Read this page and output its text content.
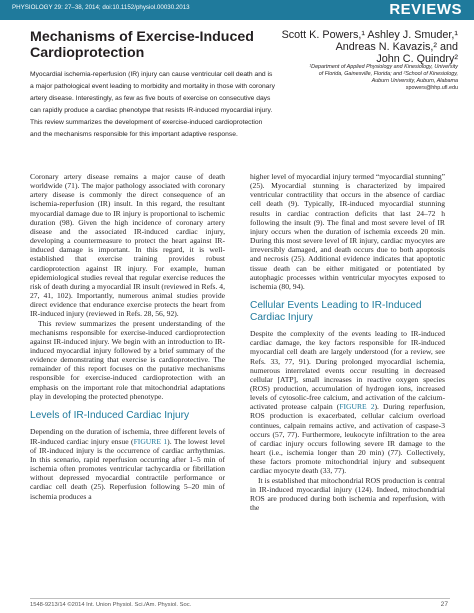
PHYSIOLOGY 29: 27–38, 2014; doi:10.1152/physiol.00030.2013	REVIEWS
Mechanisms of Exercise-Induced Cardioprotection
Scott K. Powers,¹ Ashley J. Smuder,¹
Andreas N. Kavazis,² and
John C. Quindry²
¹Department of Applied Physiology and Kinesiology, University
of Florida, Gainesville, Florida; and ²School of Kinesiology,
Auburn University, Auburn, Alabama
spowers@hhp.ufl.edu
Myocardial ischemia-reperfusion (IR) injury can cause ventricular cell death and is a major pathological event leading to morbidity and mortality in those with coronary artery disease. Interestingly, as few as five bouts of exercise on consecutive days can rapidly produce a cardiac phenotype that resists IR-induced myocardial injury. This review summarizes the development of exercise-induced cardioprotection and the mechanisms responsible for this important adaptive response.

Coronary artery disease remains a major cause of death worldwide (71). The major pathology associated with coronary artery disease is commonly the direct consequence of an ischemia-reperfusion (IR) insult. In this regard, the resultant myocardial damage due to IR injury is proportional to ischemic duration (98). Given the high incidence of coronary artery disease and the associated IR-induced cardiac injury, developing a countermeasure to protect the heart against IR-induced damage is important. In this regard, it is well-established that exercise training provides robust cardioprotection against IR injury. For example, human epidemiological studies reveal that regular exercise reduces the risk of death during a myocardial IR insult (reviewed in Refs. 4, 27, 41, 102). Importantly, numerous animal studies provide direct evidence that endurance exercise protects the heart from IR-induced injury (reviewed in Refs. 28, 56, 92).

This review summarizes the present understanding of the mechanisms responsible for exercise-induced cardioprotection against IR-induced injury. We begin with an introduction to IR-induced myocardial injury followed by a brief summary of the evidence demonstrating that exercise is cardioprotective. The remainder of this report focuses on the putative mechanisms responsible for exercise-induced cardioprotection with an emphasis on the important role that mitochondrial adaptations play in developing the protected phenotype.

Levels of IR-Induced Cardiac Injury

Depending on the duration of ischemia, three different levels of IR-induced cardiac injury ensue (FIGURE 1). The lowest level of IR-induced injury is the occurrence of cardiac arrhythmias. In this scenario, rapid reperfusion occurring after 1–5 min of ischemia often promotes ventricular tachycardia or fibrillation without depressed myocardial contractile performance or cardiac cell death (25). Reperfusion following 5–20 min of ischemia produces a

higher level of myocardial injury termed “myocardial stunning” (25). Myocardial stunning is characterized by impaired ventricular contractility that occurs in the absence of cardiac cell death (9). Typically, IR-induced myocardial stunning results in cardiac contraction deficits that last 24–72 h following the insult (9). The final and most severe level of IR injury occurs when the duration of ischemia exceeds 20 min. During this most severe level of IR injury, cardiac myocytes are irreversibly damaged, and death occurs due to both apoptosis and necrosis (25). Additional evidence indicates that apoptotic tissue death can be either mitigated or potentiated by autophagic processes within ventricular myocytes exposed to ischemia (80, 94).

Cellular Events Leading to IR-Induced Cardiac Injury

Despite the complexity of the events leading to IR-induced cardiac damage, the key factors responsible for IR-induced myocardial cell death are largely understood (for a review, see Refs. 33, 77, 91). During prolonged myocardial ischemia, numerous interrelated events occur resulting in decreased cellular [ATP], small increases in reactive oxygen species (ROS) production, accumulation of hydrogen ions, increased levels of cytosolic-free calcium, and activation of the calcium-activated protease calpain (FIGURE 2). During reperfusion, ROS production is exacerbated, cellular calcium overload continues, calpain remains active, and activation of caspase-3 occurs (57, 77). Furthermore, leukocyte infiltration to the area of cardiac injury occurs following severe IR damage to the heart (i.e., ischemia longer than 20 min) (77). Collectively, these factors promote mitochondrial injury and subsequent cardiac myocyte death (33, 77).

It is established that mitochondrial ROS production is central in IR-induced myocardial injury (124). Indeed, mitochondrial ROS are produced during both ischemia and reperfusion, with the

1548-9213/14 ©2014 Int. Union Physiol. Sci./Am. Physiol. Soc.	27
